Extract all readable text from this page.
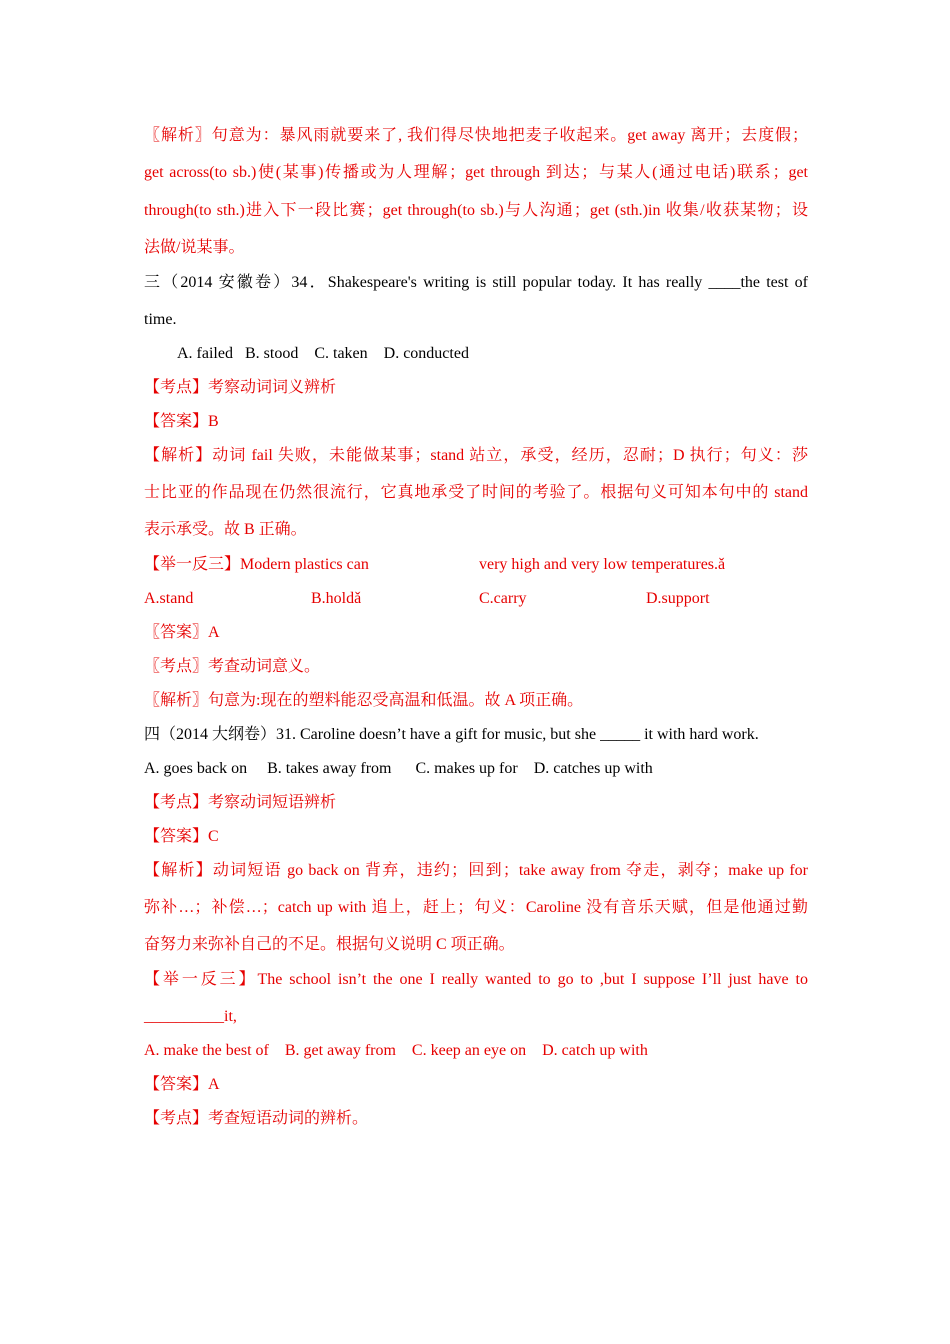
〖解析〗句意为：暴风雨就要来了, 我们得尽快地把麦子收起来。get away 离开；去度假；
get across(to sb.)使(某事)传播或为人理解；get through 到达；与某人(通过电话)联系；get
through(to sth.)进入下一段比赛；get through(to sb.)与人沟通；get (sth.)in 收集/收获某物；设
法做/说某事。
三（2014 安徽卷）34．Shakespeare's writing is still popular today. It has really ____the test of
time.
A. failed   B. stood    C. taken    D. conducted
【考点】考察动词词义辨析
【答案】B
【解析】动词 fail 失败，未能做某事；stand 站立，承受，经历，忍耐；D 执行；句义：莎
士比亚的作品现在仍然很流行，它真地承受了时间的考验了。根据句义可知本句中的 stand
表示承受。故 B 正确。
【举一反三】Modern plastics can	very high and very low temperatures.ǎ
A.stand	B.holdǎ	C.carry	D.support
〖答案〗A
〖考点〗考查动词意义。
〖解析〗句意为:现在的塑料能忍受高温和低温。故 A 项正确。
四（2014 大纲卷）31. Caroline doesn’t have a gift for music, but she _____ it with hard work.
A. goes back on     B. takes away from      C. makes up for    D. catches up with
【考点】考察动词短语辨析
【答案】C
【解析】动词短语 go back on 背弃，违约；回到；take away from 夺走，剥夺；make up for
弥补…；补偿…；catch up with 追上，赶上；句义：Caroline 没有音乐天赋，但是他通过勤
奋努力来弥补自己的不足。根据句义说明 C 项正确。
【举一反三】The school isn’t the one I really wanted to go to ,but I suppose I’ll just have to
__________it,
A. make the best of    B. get away from    C. keep an eye on    D. catch up with
【答案】A
【考点】考查短语动词的辨析。
